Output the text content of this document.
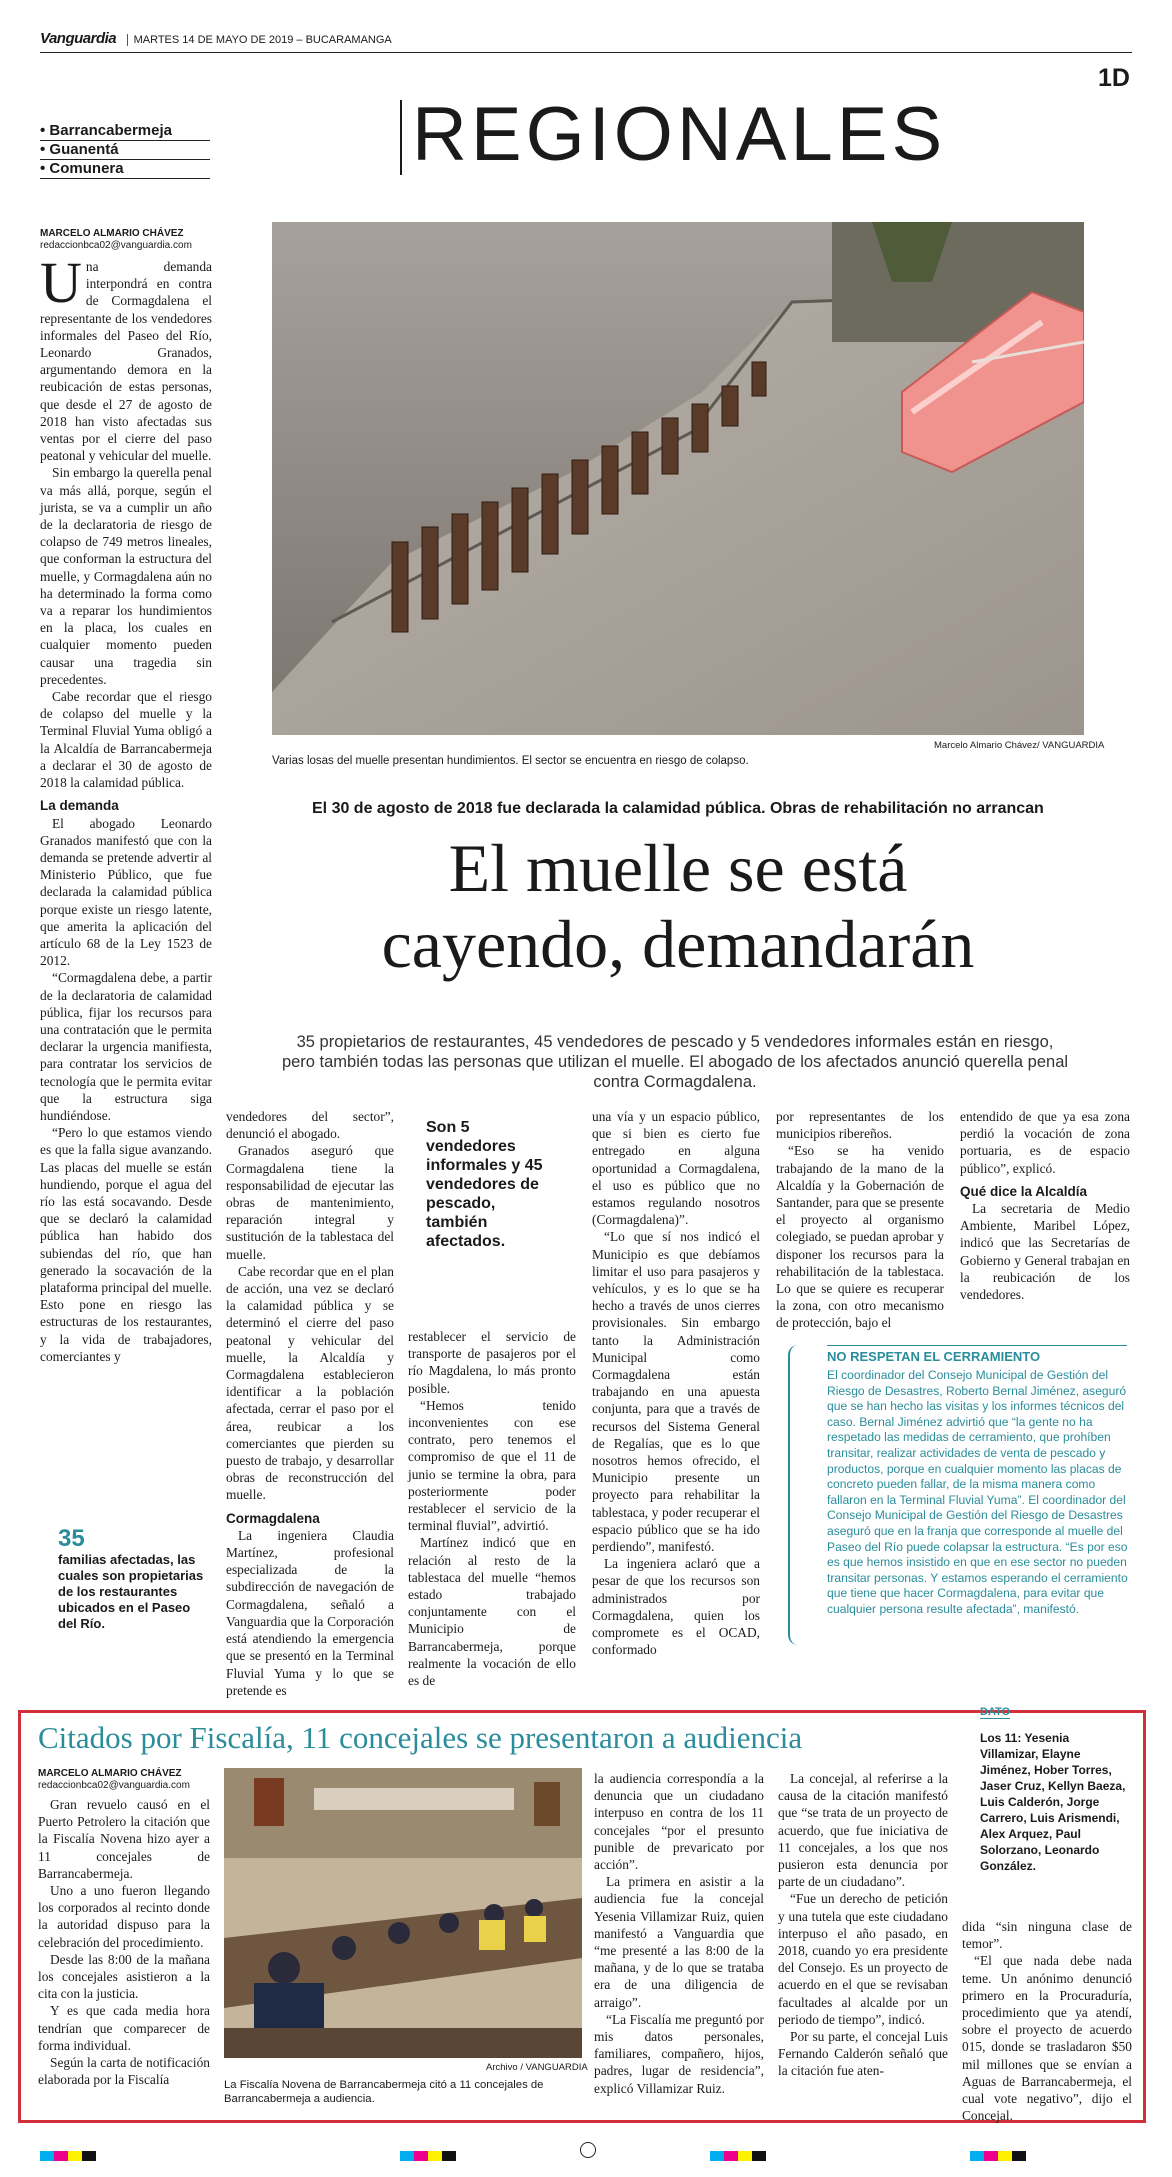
Vanguardia MARTES 14 DE MAYO DE 2019 – BUCARAMANGA
1D
• Barrancabermeja
• Guanentá
• Comunera	REGIONALES
MARCELO ALMARIO CHÁVEZ
redaccionbca02@vanguardia.com

Una demanda interpondrá en contra de Cormagdalena el representante de los vendedores informales del Paseo del Río, Leonardo Granados, argumentando demora en la reubicación de estas personas, que desde el 27 de agosto de 2018 han visto afectadas sus ventas por el cierre del paso peatonal y vehicular del muelle.

Sin embargo la querella penal va más allá, porque, según el jurista, se va a cumplir un año de la declaratoria de riesgo de colapso de 749 metros lineales, que conforman la estructura del muelle, y Cormagdalena aún no ha determinado la forma como va a reparar los hundimientos en la placa, los cuales en cualquier momento pueden causar una tragedia sin precedentes.

Cabe recordar que el riesgo de colapso del muelle y la Terminal Fluvial Yuma obligó a la Alcaldía de Barrancabermeja a declarar el 30 de agosto de 2018 la calamidad pública.

La demanda

El abogado Leonardo Granados manifestó que con la demanda se pretende advertir al Ministerio Público, que fue declarada la calamidad pública porque existe un riesgo latente, que amerita la aplicación del artículo 68 de la Ley 1523 de 2012.

“Cormagdalena debe, a partir de la declaratoria de calamidad pública, fijar los recursos para una contratación que le permita declarar la urgencia manifiesta, para contratar los servicios de tecnología que le permita evitar que la estructura siga hundiéndose.

“Pero lo que estamos viendo es que la falla sigue avanzando. Las placas del muelle se están hundiendo, porque el agua del río las está socavando. Desde que se declaró la calamidad pública han habido dos subiendas del río, que han generado la socavación de la plataforma principal del muelle. Esto pone en riesgo las estructuras de los restaurantes, y la vida de trabajadores, comerciantes y

35
familias afectadas, las cuales son propietarias de los restaurantes ubicados en el Paseo del Río.
Marcelo Almario Chávez/ VANGUARDIA
Varias losas del muelle presentan hundimientos. El sector se encuentra en riesgo de colapso.
El 30 de agosto de 2018 fue declarada la calamidad pública. Obras de rehabilitación no arrancan
El muelle se está
cayendo, demandarán
35 propietarios de restaurantes, 45 vendedores de pescado y 5 vendedores informales están en riesgo, pero también todas las personas que utilizan el muelle. El abogado de los afectados anunció querella penal contra Cormagdalena.

vendedores del sector”, denunció el abogado.

Granados aseguró que Cormagdalena tiene la responsabilidad de ejecutar las obras de mantenimiento, reparación integral y sustitución de la tablestaca del muelle.

Cabe recordar que en el plan de acción, una vez se declaró la calamidad pública y se determinó el cierre del paso peatonal y vehicular del muelle, la Alcaldía y Cormagdalena establecieron identificar a la población afectada, cerrar el paso por el área, reubicar a los comerciantes que pierden su puesto de trabajo, y desarrollar obras de reconstrucción del muelle.

Cormagdalena

La ingeniera Claudia Martínez, profesional especializada de la subdirección de navegación de Cormagdalena, señaló a Vanguardia que la Corporación está atendiendo la emergencia que se presentó en la Terminal Fluvial Yuma y lo que se pretende es

Son 5 vendedores informales y 45 vendedores de pescado, también afectados.

restablecer el servicio de transporte de pasajeros por el río Magdalena, lo más pronto posible.

“Hemos tenido inconvenientes con ese contrato, pero tenemos el compromiso de que el 11 de junio se termine la obra, para posteriormente poder restablecer el servicio de la terminal fluvial”, advirtió.

Martínez indicó que en relación al resto de la tablestaca del muelle “hemos estado trabajado conjuntamente con el Municipio de Barrancabermeja, porque realmente la vocación de ello es de

una vía y un espacio público, que si bien es cierto fue entregado en alguna oportunidad a Cormagdalena, el uso es público que no estamos regulando nosotros (Cormagdalena)”.

“Lo que sí nos indicó el Municipio es que debíamos limitar el uso para pasajeros y vehículos, y es lo que se ha hecho a través de unos cierres provisionales. Sin embargo tanto la Administración Municipal como Cormagdalena están trabajando en una apuesta conjunta, para que a través de recursos del Sistema General de Regalías, que es lo que nosotros hemos ofrecido, el Municipio presente un proyecto para rehabilitar la tablestaca, y poder recuperar el espacio público que se ha ido perdiendo”, manifestó.

La ingeniera aclaró que a pesar de que los recursos son administrados por Cormagdalena, quien los compromete es el OCAD, conformado

por representantes de los municipios ribereños.

“Eso se ha venido trabajando de la mano de la Alcaldía y la Gobernación de Santander, para que se presente el proyecto al organismo colegiado, se puedan aprobar y disponer los recursos para la rehabilitación de la tablestaca. Lo que se quiere es recuperar la zona, con otro mecanismo de protección, bajo el

entendido de que ya esa zona perdió la vocación de zona portuaria, es de espacio público”, explicó.

Qué dice la Alcaldía

La secretaria de Medio Ambiente, Maribel López, indicó que las Secretarías de Gobierno y General trabajan en la reubicación de los vendedores.

NO RESPETAN EL CERRAMIENTO
El coordinador del Consejo Municipal de Gestión del Riesgo de Desastres, Roberto Bernal Jiménez, aseguró que se han hecho las visitas y los informes técnicos del caso. Bernal Jiménez advirtió que “la gente no ha respetado las medidas de cerramiento, que prohíben transitar, realizar actividades de venta de pescado y productos, porque en cualquier momento las placas de concreto pueden fallar, de la misma manera como fallaron en la Terminal Fluvial Yuma”. El coordinador del Consejo Municipal de Gestión del Riesgo de Desastres aseguró que en la franja que corresponde al muelle del Paseo del Río puede colapsar la estructura. “Es por eso es que hemos insistido en que en ese sector no pueden transitar personas. Y estamos esperando el cerramiento que tiene que hacer Cormagdalena, para evitar que cualquier persona resulte afectada”, manifestó.
Citados por Fiscalía, 11 concejales se presentaron a audiencia
MARCELO ALMARIO CHÁVEZ
redaccionbca02@vanguardia.com

Gran revuelo causó en el Puerto Petrolero la citación que la Fiscalía Novena hizo ayer a 11 concejales de Barrancabermeja.

Uno a uno fueron llegando los corporados al recinto donde la autoridad dispuso para la celebración del procedimiento.

Desde las 8:00 de la mañana los concejales asistieron a la cita con la justicia.

Y es que cada media hora tendrían que comparecer de forma individual.

Según la carta de notificación elaborada por la Fiscalía

Archivo / VANGUARDIA
La Fiscalía Novena de Barrancabermeja citó a 11 concejales de Barrancabermeja a audiencia.

la audiencia correspondía a la denuncia que un ciudadano interpuso en contra de los 11 concejales “por el presunto punible de prevaricato por acción”.

La primera en asistir a la audiencia fue la concejal Yesenia Villamizar Ruiz, quien manifestó a Vanguardia que “me presenté a las 8:00 de la mañana, y de lo que se trataba era de una diligencia de arraigo”.

“La Fiscalía me preguntó por mis datos personales, familiares, compañero, hijos, padres, lugar de residencia”, explicó Villamizar Ruiz.

La concejal, al referirse a la causa de la citación manifestó que “se trata de un proyecto de acuerdo, que fue iniciativa de 11 concejales, a los que nos pusieron esta denuncia por parte de un ciudadano”.

“Fue un derecho de petición y una tutela que este ciudadano interpuso el año pasado, en 2018, cuando yo era presidente del Consejo. Es un proyecto de acuerdo en el que se revisaban facultades al alcalde por un periodo de tiempo”, indicó.

Por su parte, el concejal Luis Fernando Calderón señaló que la citación fue aten-

DATO
Los 11: Yesenia Villamizar, Elayne Jiménez, Hober Torres, Jaser Cruz, Kellyn Baeza, Luis Calderón, Jorge Carrero, Luis Arismendi, Alex Arquez, Paul Solorzano, Leonardo González.

dida “sin ninguna clase de temor”.

“El que nada debe nada teme. Un anónimo denunció primero en la Procuraduría, procedimiento que ya atendí, sobre el proyecto de acuerdo 015, donde se trasladaron $50 mil millones que se envían a Aguas de Barrancabermeja, el cual vote negativo”, dijo el Concejal.
